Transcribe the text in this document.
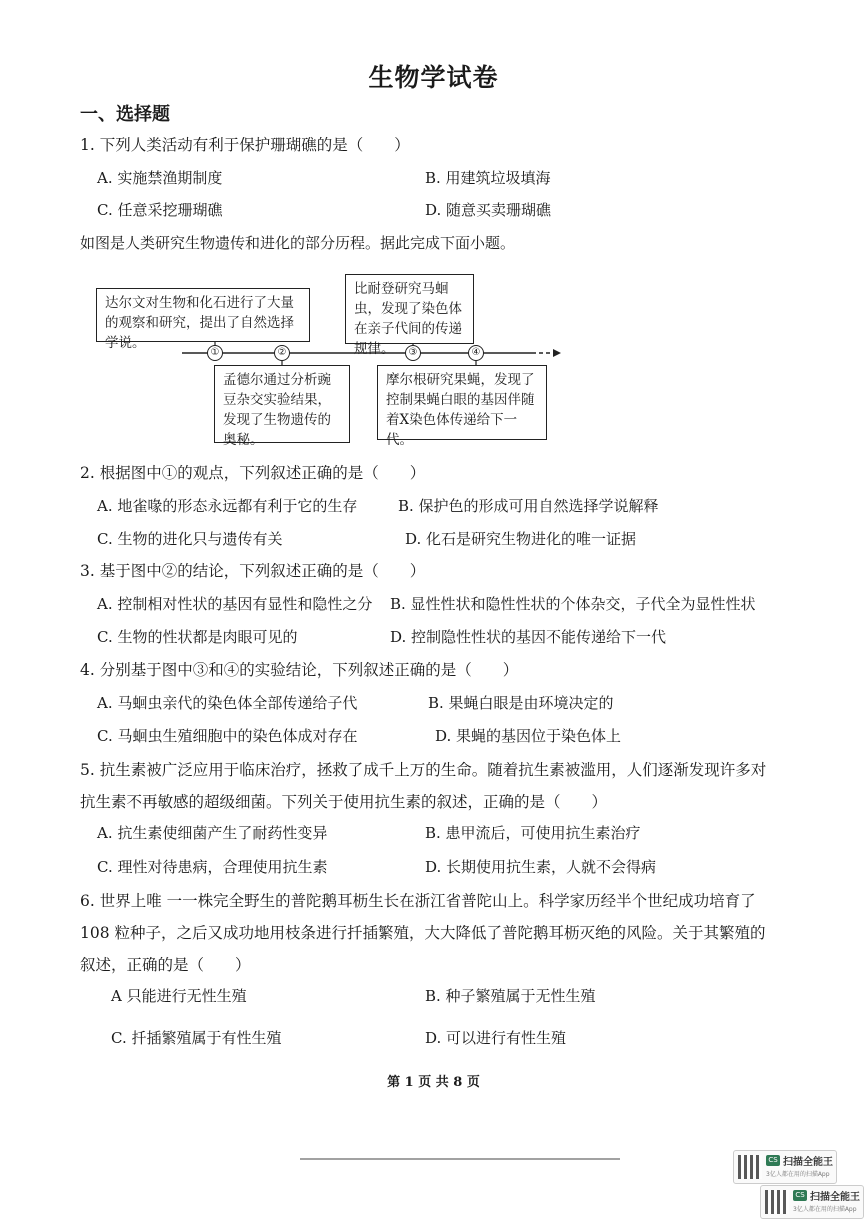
生物学试卷
一、选择题
1. 下列人类活动有利于保护珊瑚礁的是（　　）
A. 实施禁渔期制度	B. 用建筑垃圾填海
C. 任意采挖珊瑚礁	D. 随意买卖珊瑚礁
如图是人类研究生物遗传和进化的部分历程。据此完成下面小题。
达尔文对生物和化石进行了大量的观察和研究，提出了自然选择学说。
孟德尔通过分析豌豆杂交实验结果，发现了生物遗传的奥秘。
比耐登研究马蛔虫，发现了染色体在亲子代间的传递规律。
摩尔根研究果蝇，发现了控制果蝇白眼的基因伴随着X染色体传递给下一代。
①	②	③	④
2. 根据图中①的观点，下列叙述正确的是（　　）
A. 地雀喙的形态永远都有利于它的生存	B. 保护色的形成可用自然选择学说解释
C. 生物的进化只与遗传有关	D. 化石是研究生物进化的唯一证据
3. 基于图中②的结论，下列叙述正确的是（　　）
A. 控制相对性状的基因有显性和隐性之分 B. 显性性状和隐性性状的个体杂交，子代全为显性性状
C. 生物的性状都是肉眼可见的	D. 控制隐性性状的基因不能传递给下一代
4. 分别基于图中③和④的实验结论，下列叙述正确的是（　　）
A. 马蛔虫亲代的染色体全部传递给子代	B. 果蝇白眼是由环境决定的
C. 马蛔虫生殖细胞中的染色体成对存在	D. 果蝇的基因位于染色体上
5. 抗生素被广泛应用于临床治疗，拯救了成千上万的生命。随着抗生素被滥用，人们逐渐发现许多对抗生素不再敏感的超级细菌。下列关于使用抗生素的叙述，正确的是（　　）
A. 抗生素使细菌产生了耐药性变异	B. 患甲流后，可使用抗生素治疗
C. 理性对待患病，合理使用抗生素	D. 长期使用抗生素，人就不会得病
6. 世界上唯 一一株完全野生的普陀鹅耳枥生长在浙江省普陀山上。科学家历经半个世纪成功培育了 108 粒种子，之后又成功地用枝条进行扦插繁殖，大大降低了普陀鹅耳枥灭绝的风险。关于其繁殖的叙述，正确的是（　　）
A 只能进行无性生殖	B. 种子繁殖属于无性生殖
C. 扦插繁殖属于有性生殖	D. 可以进行有性生殖
第 1 页 共 8 页
CS 扫描全能王
3亿人都在用的扫描App
CS 扫描全能王
3亿人都在用的扫描App
